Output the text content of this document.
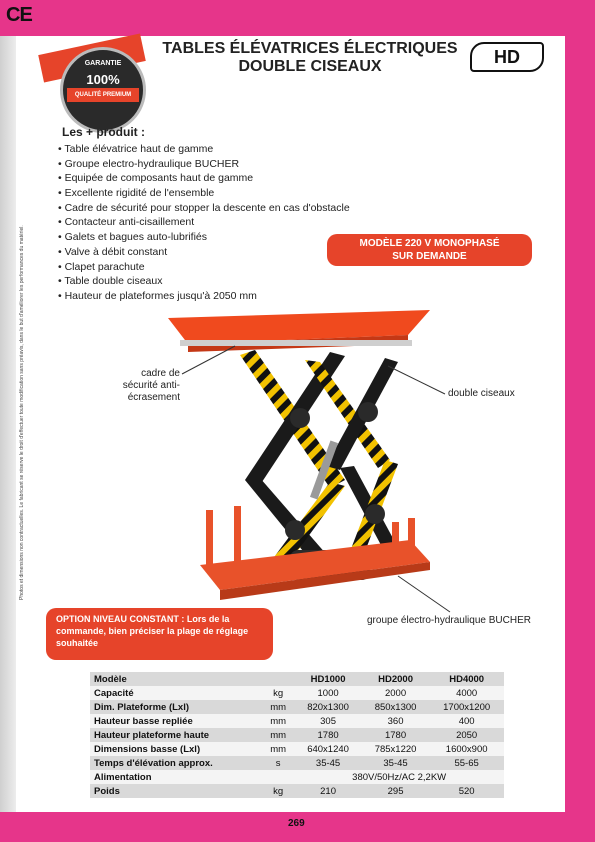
CE
Photos et dimensions non contractuelles. Le fabricant se réserve le droit d'effectuer toute modification sans préavis, dans le but d'améliorer les performances du matériel.
GARANTIE
100%
QUALITÉ PREMIUM
TABLES ÉLÉVATRICES ÉLECTRIQUES
DOUBLE CISEAUX	HD
Les + produit :
• Table élévatrice haut de gamme
• Groupe electro-hydraulique BUCHER
• Equipée de composants haut de gamme
• Excellente rigidité de l'ensemble
• Cadre de sécurité pour stopper la descente en cas d'obstacle
• Contacteur anti-cisaillement
• Galets et bagues auto-lubrifiés
• Valve à débit constant
• Clapet parachute
• Table double ciseaux
• Hauteur de plateformes jusqu'à 2050 mm
MODÈLE 220 V MONOPHASÉ
SUR DEMANDE
cadre de sécurité anti-écrasement	double ciseaux
groupe électro-hydraulique BUCHER
OPTION NIVEAU CONSTANT : Lors de la commande, bien préciser la plage de réglage souhaitée
Modèle		HD1000	HD2000	HD4000
Capacité	kg	1000	2000	4000
Dim. Plateforme (Lxl)	mm	820x1300	850x1300	1700x1200
Hauteur basse repliée	mm	305	360	400
Hauteur plateforme haute	mm	1780	1780	2050
Dimensions basse (Lxl)	mm	640x1240	785x1220	1600x900
Temps d'élévation approx.	s	35-45	35-45	55-65
Alimentation		380V/50Hz/AC 2,2KW		
Poids	kg	210	295	520
269
